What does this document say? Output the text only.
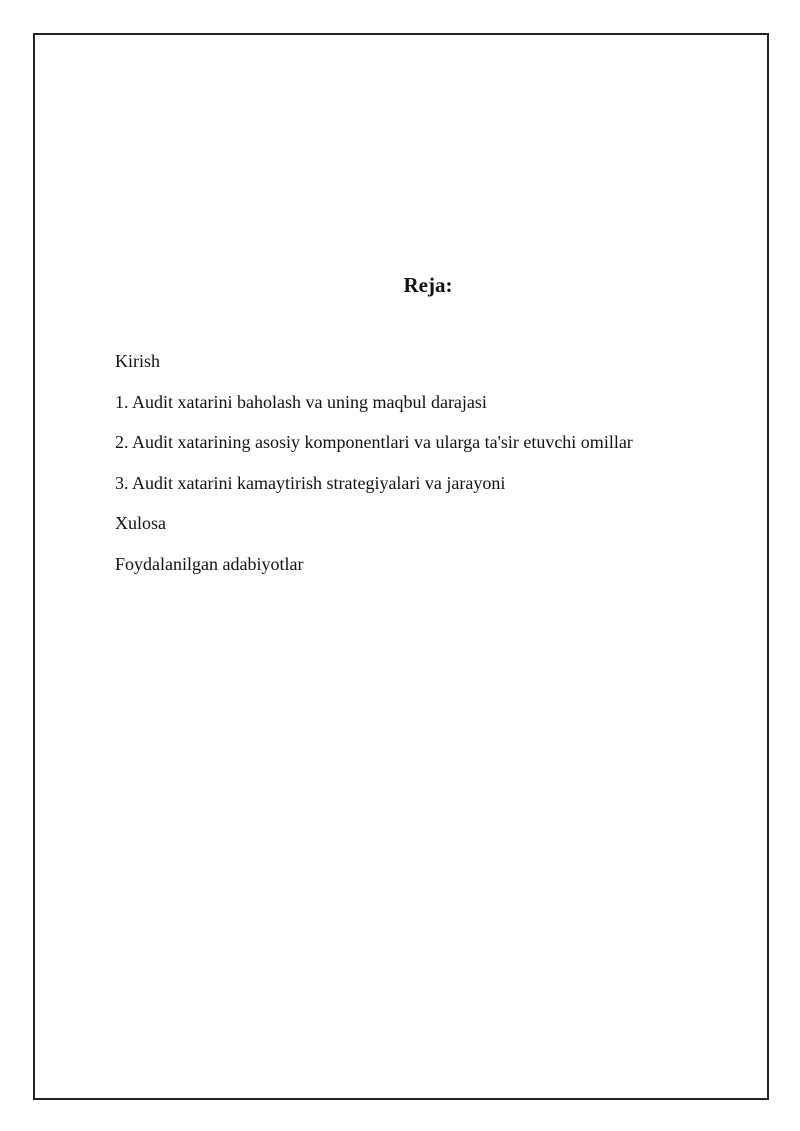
Reja:
Kirish
1. Audit xatarini baholash va uning maqbul darajasi
2. Audit xatarining asosiy komponentlari va ularga ta'sir etuvchi omillar
3. Audit xatarini kamaytirish strategiyalari va jarayoni
Xulosa
Foydalanilgan adabiyotlar
